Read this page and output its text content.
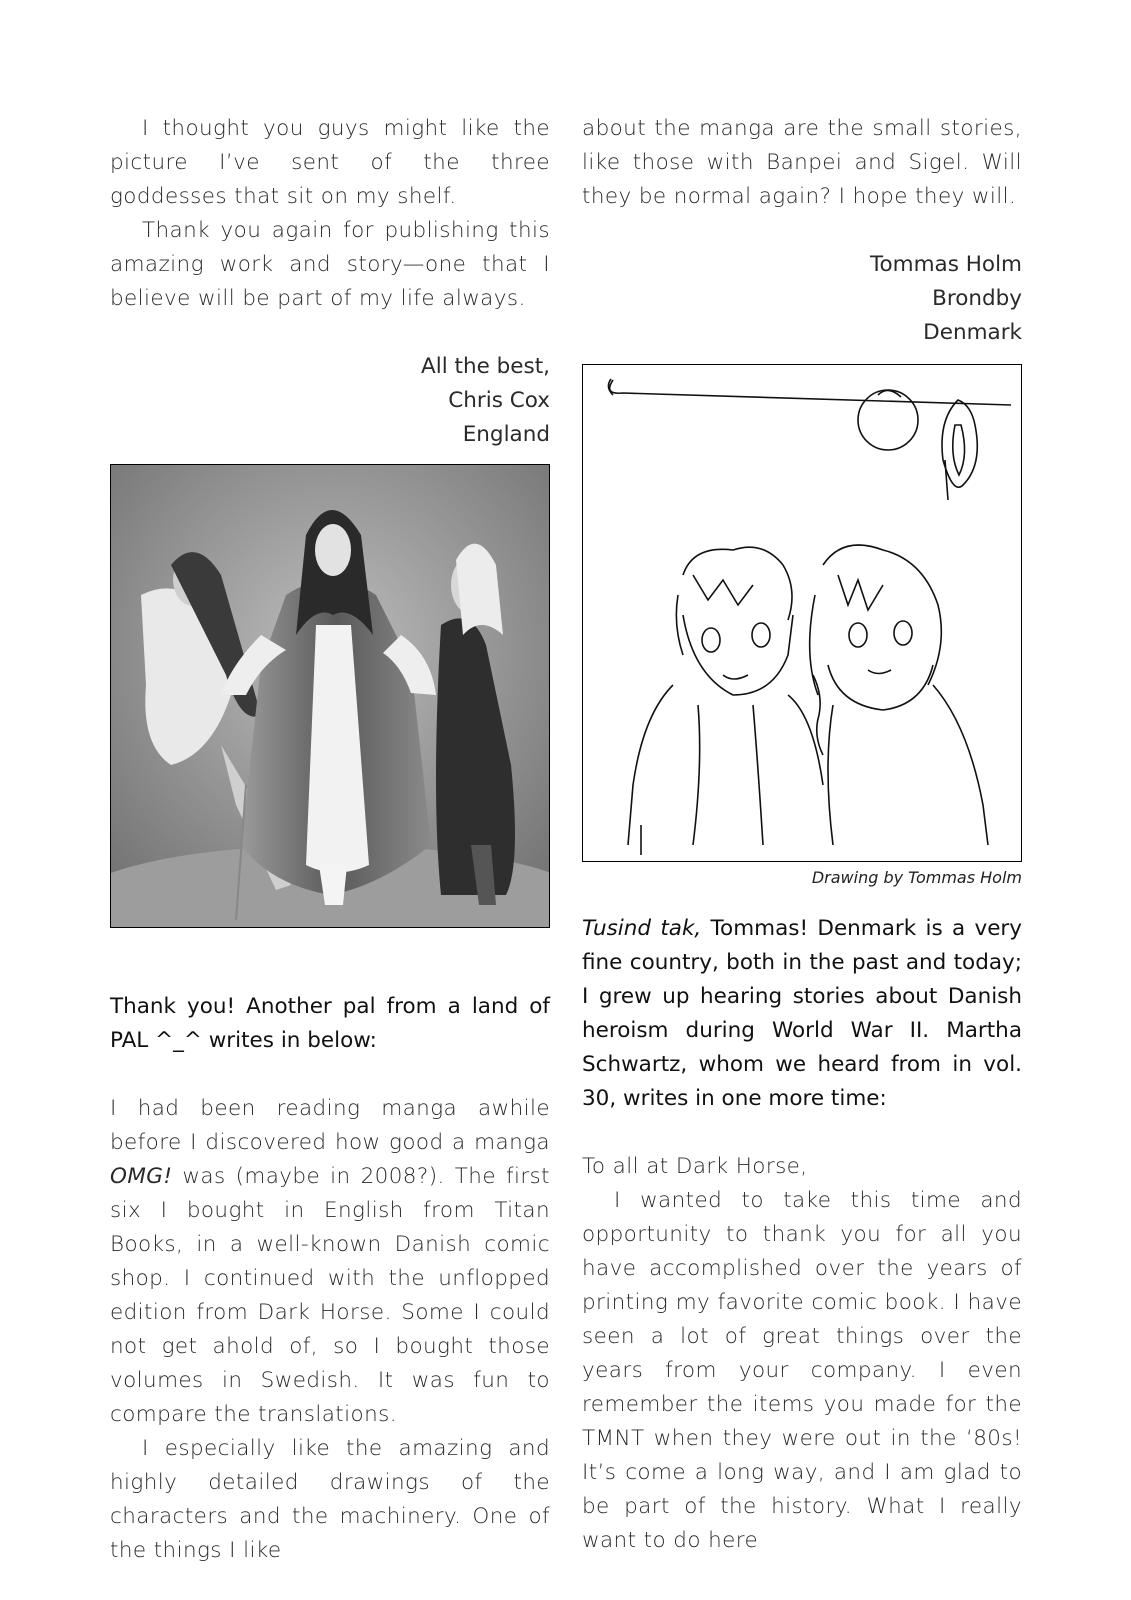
I thought you guys might like the picture I’ve sent of the three goddesses that sit on my shelf.

Thank you again for publishing this amazing work and story—one that I believe will be part of my life always.

All the best,

Chris Cox

England

Thank you! Another pal from a land of PAL ^_^ writes in below:

I had been reading manga awhile before I discovered how good a manga OMG! was (maybe in 2008?). The first six I bought in English from Titan Books, in a well-known Danish comic shop. I continued with the unflopped edition from Dark Horse. Some I could not get ahold of, so I bought those volumes in Swedish. It was fun to compare the translations.

I especially like the amazing and highly detailed drawings of the characters and the machinery. One of the things I like

about the manga are the small stories, like those with Banpei and Sigel. Will they be normal again? I hope they will.

Tommas Holm

Brondby

Denmark

Drawing by Tommas Holm

Tusind tak, Tommas! Denmark is a very fine country, both in the past and today; I grew up hearing stories about Danish heroism during World War II. Martha Schwartz, whom we heard from in vol. 30, writes in one more time:

To all at Dark Horse,

I wanted to take this time and opportunity to thank you for all you have accomplished over the years of printing my favorite comic book. I have seen a lot of great things over the years from your company. I even remember the items you made for the TMNT when they were out in the ‘80s! It’s come a long way, and I am glad to be part of the history. What I really want to do here
